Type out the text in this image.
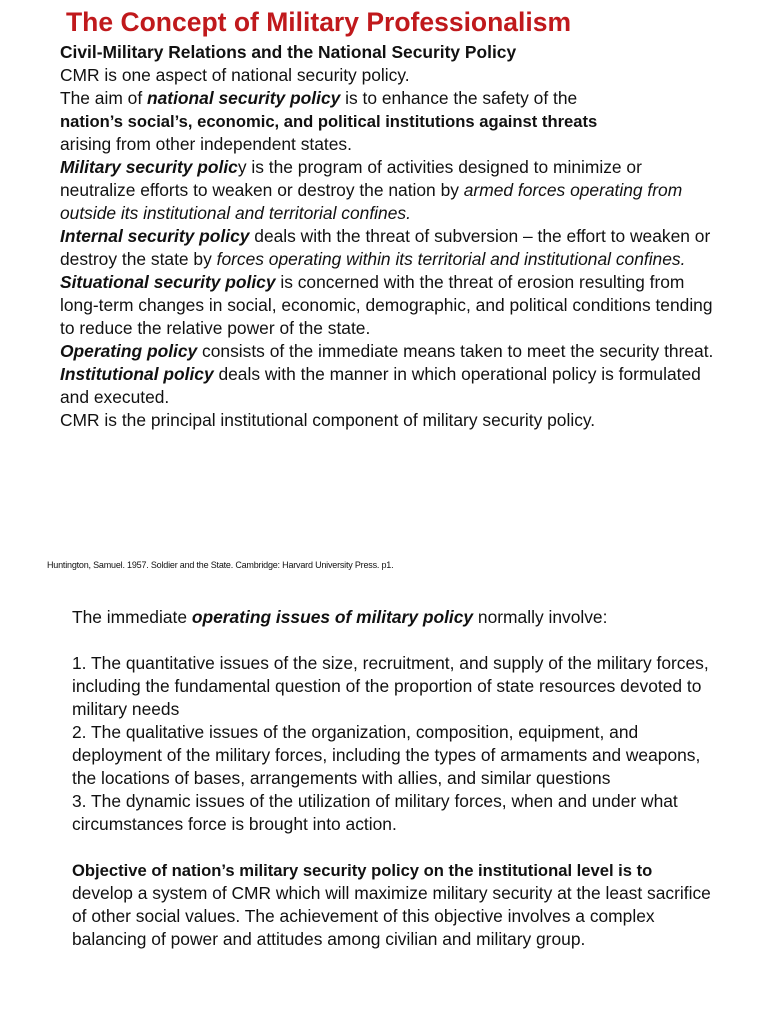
The Concept of Military Professionalism

Civil-Military Relations and the National Security Policy

CMR is one aspect of national security policy.

The aim of national security policy is to enhance the safety of the
nation’s social’s, economic, and political institutions against threats
arising from other independent states.

Military security policy is the program of activities designed to minimize or neutralize efforts to weaken or destroy the nation by armed forces operating from outside its institutional and territorial confines.

Internal security policy deals with the threat of subversion – the effort to weaken or destroy the state by forces operating within its territorial and institutional confines.

Situational security policy is concerned with the threat of erosion resulting from long-term changes in social, economic, demographic, and political conditions tending to reduce the relative power of the state.

Operating policy consists of the immediate means taken to meet the security threat.

Institutional policy deals with the manner in which operational policy is formulated and executed.

CMR is the principal institutional component of military security policy.

Huntington, Samuel. 1957. Soldier and the State. Cambridge: Harvard University Press. p1.

The immediate operating issues of military policy normally involve:

1. The quantitative issues of the size, recruitment, and supply of the military forces, including the fundamental question of the proportion of state resources devoted to military needs

2. The qualitative issues of the organization, composition, equipment, and deployment of the military forces, including the types of armaments and weapons, the locations of bases, arrangements with allies, and similar questions

3. The dynamic issues of the utilization of military forces, when and under what circumstances force is brought into action.

Objective of nation’s military security policy on the institutional level is to
develop a system of CMR which will maximize military security at the least sacrifice of other social values. The achievement of this objective involves a complex balancing of power and attitudes among civilian and military group.
